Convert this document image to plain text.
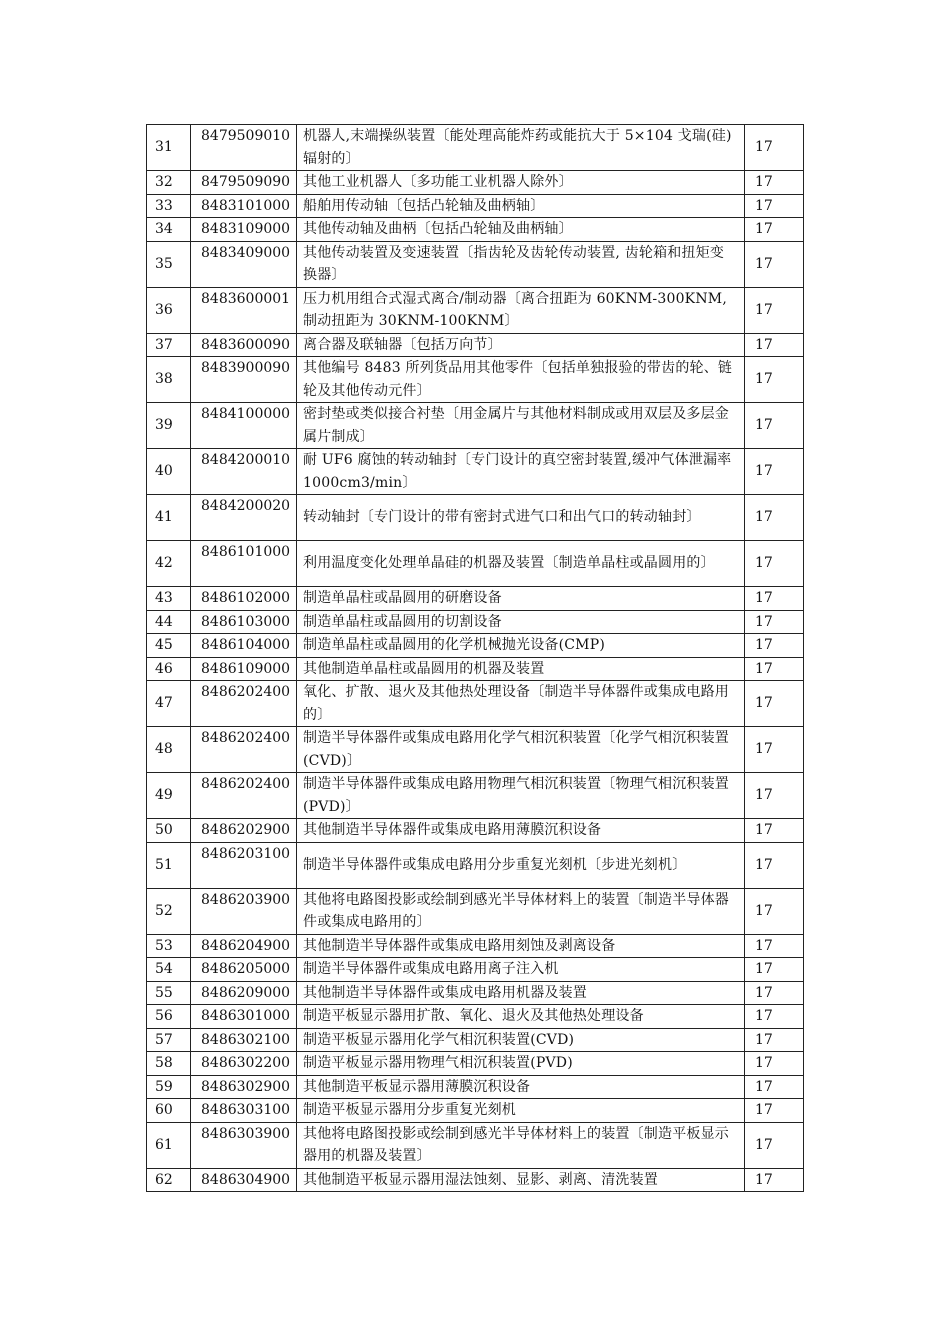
31	8479509010	机器人,末端操纵装置〔能处理高能炸药或能抗大于 5×104 戈瑞(硅) 辐射的〕	17
32	8479509090	其他工业机器人〔多功能工业机器人除外〕	17
33	8483101000	船舶用传动轴〔包括凸轮轴及曲柄轴〕	17
34	8483109000	其他传动轴及曲柄〔包括凸轮轴及曲柄轴〕	17
35	8483409000	其他传动装置及变速装置〔指齿轮及齿轮传动装置, 齿轮箱和扭矩变换器〕	17
36	8483600001	压力机用组合式湿式离合/制动器〔离合扭距为 60KNM-300KNM,制动扭距为 30KNM-100KNM〕	17
37	8483600090	离合器及联轴器〔包括万向节〕	17
38	8483900090	其他编号 8483 所列货品用其他零件〔包括单独报验的带齿的轮、链轮及其他传动元件〕	17
39	8484100000	密封垫或类似接合衬垫〔用金属片与其他材料制成或用双层及多层金属片制成〕	17
40	8484200010	耐 UF6 腐蚀的转动轴封〔专门设计的真空密封装置,缓冲气体泄漏率 1000cm3/min〕	17
41	8484200020	转动轴封〔专门设计的带有密封式进气口和出气口的转动轴封〕	17
42	8486101000	利用温度变化处理单晶硅的机器及装置〔制造单晶柱或晶圆用的〕	17
43	8486102000	制造单晶柱或晶圆用的研磨设备	17
44	8486103000	制造单晶柱或晶圆用的切割设备	17
45	8486104000	制造单晶柱或晶圆用的化学机械抛光设备(CMP)	17
46	8486109000	其他制造单晶柱或晶圆用的机器及装置	17
47	8486202400	氧化、扩散、退火及其他热处理设备〔制造半导体器件或集成电路用的〕	17
48	8486202400	制造半导体器件或集成电路用化学气相沉积装置〔化学气相沉积装置(CVD)〕	17
49	8486202400	制造半导体器件或集成电路用物理气相沉积装置〔物理气相沉积装置(PVD)〕	17
50	8486202900	其他制造半导体器件或集成电路用薄膜沉积设备	17
51	8486203100	制造半导体器件或集成电路用分步重复光刻机〔步进光刻机〕	17
52	8486203900	其他将电路图投影或绘制到感光半导体材料上的装置〔制造半导体器件或集成电路用的〕	17
53	8486204900	其他制造半导体器件或集成电路用刻蚀及剥离设备	17
54	8486205000	制造半导体器件或集成电路用离子注入机	17
55	8486209000	其他制造半导体器件或集成电路用机器及装置	17
56	8486301000	制造平板显示器用扩散、氧化、退火及其他热处理设备	17
57	8486302100	制造平板显示器用化学气相沉积装置(CVD)	17
58	8486302200	制造平板显示器用物理气相沉积装置(PVD)	17
59	8486302900	其他制造平板显示器用薄膜沉积设备	17
60	8486303100	制造平板显示器用分步重复光刻机	17
61	8486303900	其他将电路图投影或绘制到感光半导体材料上的装置〔制造平板显示器用的机器及装置〕	17
62	8486304900	其他制造平板显示器用湿法蚀刻、显影、剥离、清洗装置	17
